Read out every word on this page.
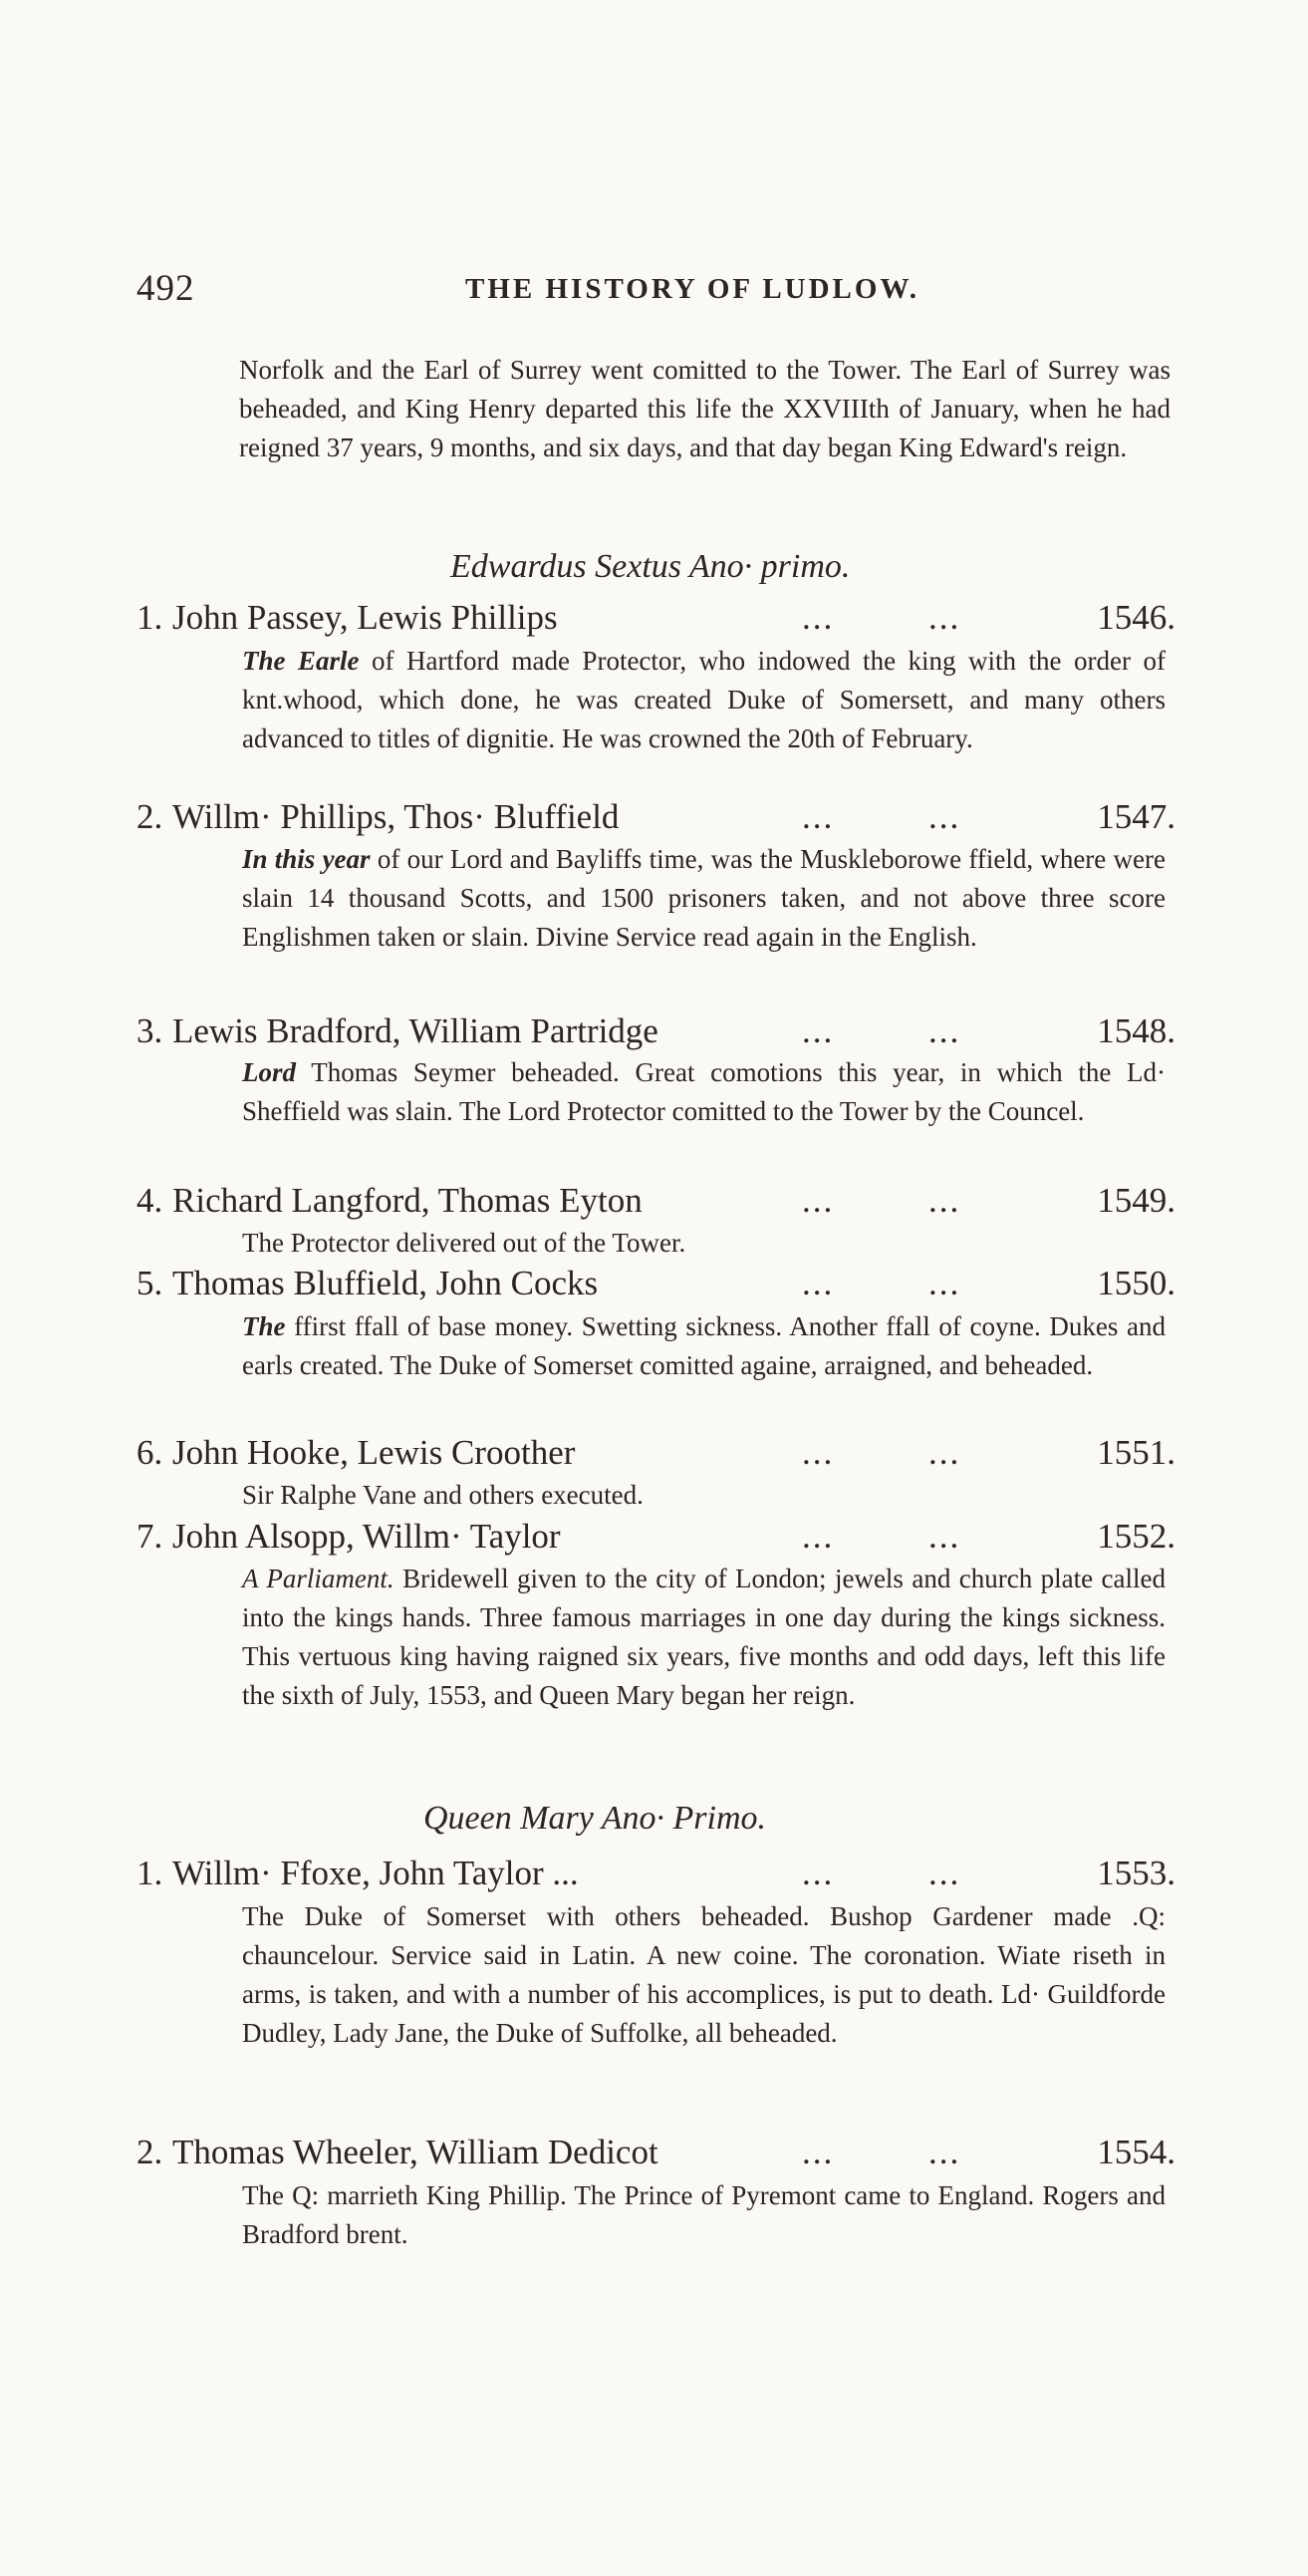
492	THE HISTORY OF LUDLOW.

Norfolk and the Earl of Surrey went comitted to the Tower. The Earl of Surrey was beheaded, and King Henry departed this life the XXVIIIth of January, when he had reigned 37 years, 9 months, and six days, and that day began King Edward's reign.

Edwardus Sextus Ano· primo.
1. John Passey, Lewis Phillips	...	...	1546.

The Earle of Hartford made Protector, who indowed the king with the order of knt.whood, which done, he was created Duke of Somersett, and many others advanced to titles of dignitie. He was crowned the 20th of February.

2. Willm· Phillips, Thos· Bluffield	...	...	1547.

In this year of our Lord and Bayliffs time, was the Muskleborowe ffield, where were slain 14 thousand Scotts, and 1500 prisoners taken, and not above three score Englishmen taken or slain. Divine Service read again in the English.

3. Lewis Bradford, William Partridge	...	...	1548.

Lord Thomas Seymer beheaded. Great comotions this year, in which the Ld· Sheffield was slain. The Lord Protector comitted to the Tower by the Councel.

4. Richard Langford, Thomas Eyton	...	...	1549.

The Protector delivered out of the Tower.

5. Thomas Bluffield, John Cocks	...	...	1550.

The ffirst ffall of base money. Swetting sickness. Another ffall of coyne. Dukes and earls created. The Duke of Somerset comitted againe, arraigned, and beheaded.

6. John Hooke, Lewis Croother	...	...	1551.

Sir Ralphe Vane and others executed.

7. John Alsopp, Willm· Taylor	...	...	1552.

A Parliament. Bridewell given to the city of London; jewels and church plate called into the kings hands. Three famous marriages in one day during the kings sickness. This vertuous king having raigned six years, five months and odd days, left this life the sixth of July, 1553, and Queen Mary began her reign.

Queen Mary Ano· Primo.
1. Willm· Ffoxe, John Taylor ...	...	...	1553.

The Duke of Somerset with others beheaded. Bushop Gardener made .Q: chauncelour. Service said in Latin. A new coine. The coronation. Wiate riseth in arms, is taken, and with a number of his accomplices, is put to death. Ld· Guildforde Dudley, Lady Jane, the Duke of Suffolke, all beheaded.

2. Thomas Wheeler, William Dedicot	...	...	1554.

The Q: marrieth King Phillip. The Prince of Pyremont came to England. Rogers and Bradford brent.
